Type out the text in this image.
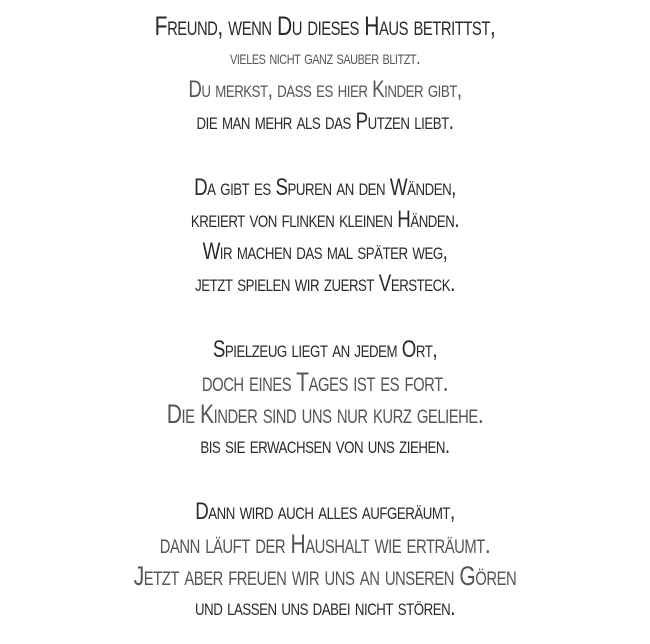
Freund, wenn Du dieses Haus betrittst,
vieles nicht ganz sauber blitzt.
Du merkst, dass es hier Kinder gibt,
die man mehr als das Putzen liebt.
Da gibt es Spuren an den Wänden,
kreiert von flinken kleinen Händen.
Wir machen das mal später weg,
jetzt spielen wir zuerst Versteck.
Spielzeug liegt an jedem Ort,
doch eines Tages ist es fort.
Die Kinder sind uns nur kurz geliehe.
bis sie erwachsen von uns ziehen.
Dann wird auch alles aufgeräumt,
dann läuft der Haushalt wie erträumt.
Jetzt aber freuen wir uns an unseren Gören
und lassen uns dabei nicht stören.
